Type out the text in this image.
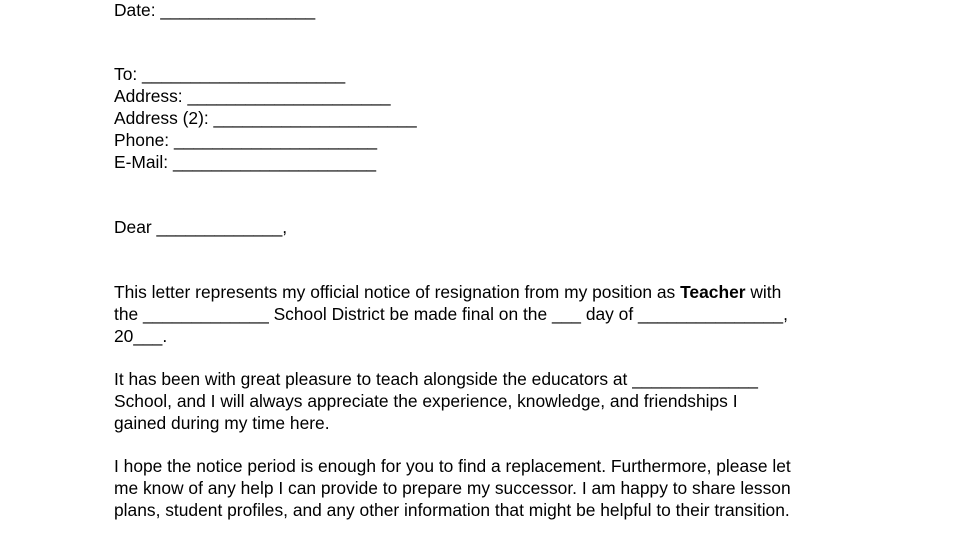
Date: ________________

To: _____________________

Address: _____________________

Address (2): _____________________

Phone: _____________________

E-Mail: _____________________

Dear _____________,

This letter represents my official notice of resignation from my position as Teacher with

the _____________ School District be made final on the ___ day of _______________,

20___.

It has been with great pleasure to teach alongside the educators at _____________

School, and I will always appreciate the experience, knowledge, and friendships I

gained during my time here.

I hope the notice period is enough for you to find a replacement. Furthermore, please let

me know of any help I can provide to prepare my successor. I am happy to share lesson

plans, student profiles, and any other information that might be helpful to their transition.
